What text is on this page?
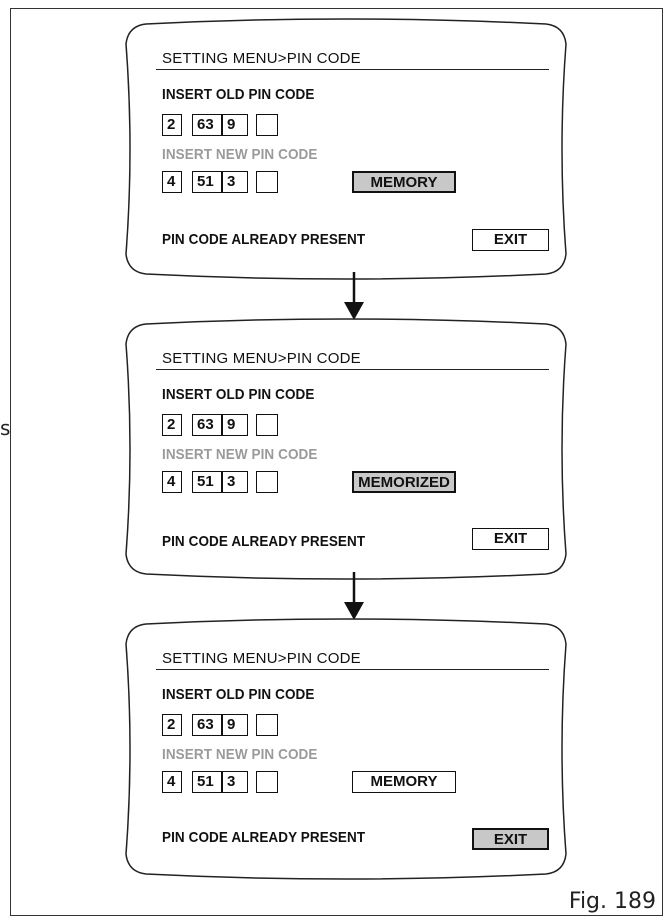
s
SETTING MENU>PIN CODE
INSERT OLD PIN CODE
2	63 9
INSERT NEW PIN CODE
4	51 3	MEMORY
PIN CODE ALREADY PRESENT	EXIT
SETTING MENU>PIN CODE
INSERT OLD PIN CODE
2	63 9
INSERT NEW PIN CODE
4	51 3	MEMORIZED
PIN CODE ALREADY PRESENT	EXIT
SETTING MENU>PIN CODE
INSERT OLD PIN CODE
2	63 9
INSERT NEW PIN CODE
4	51 3	MEMORY
PIN CODE ALREADY PRESENT	EXIT
Fig. 189
